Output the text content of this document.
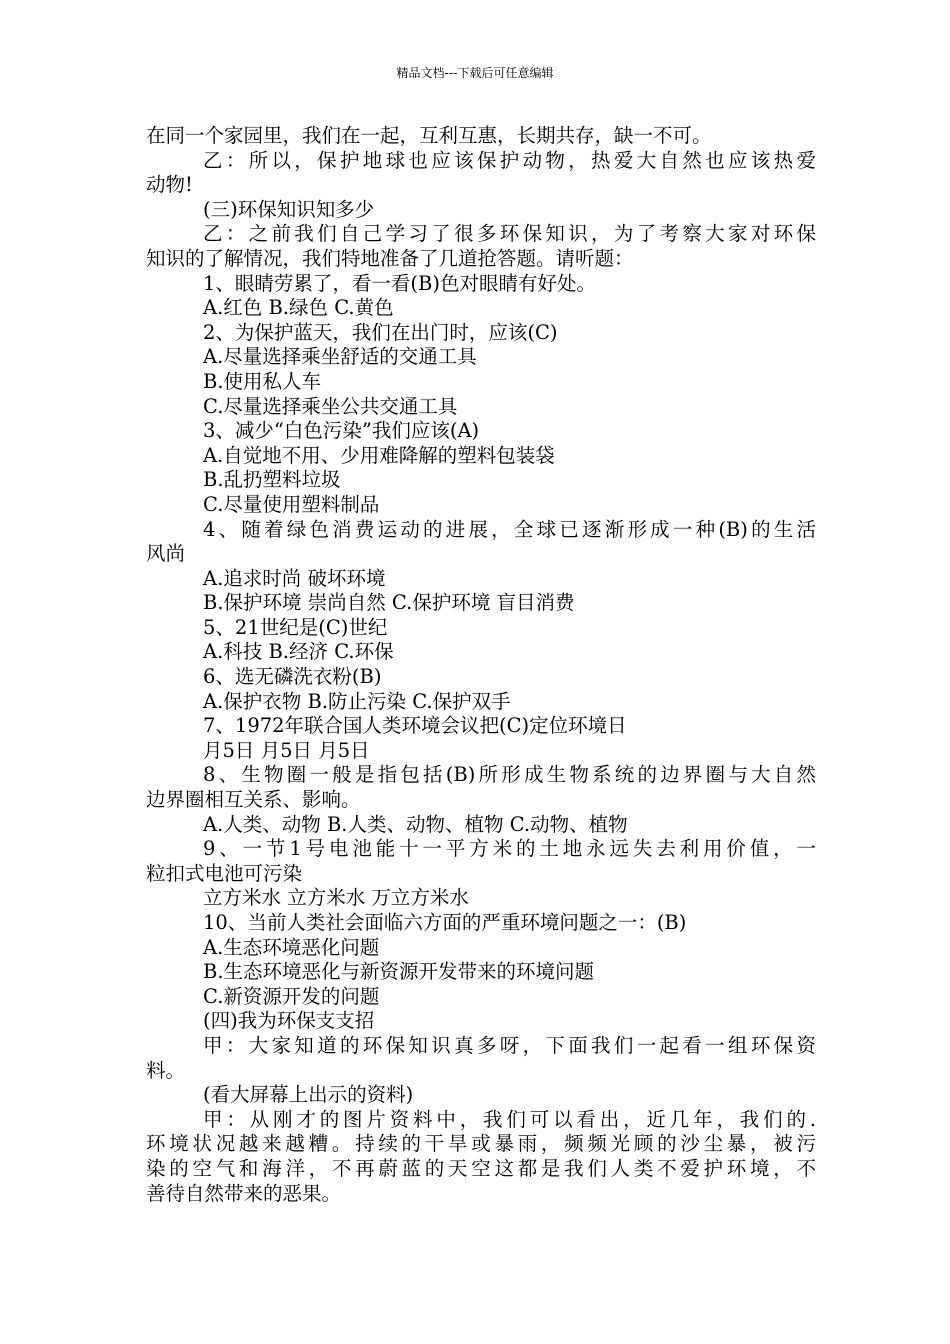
精品文档---下载后可任意编辑
在同一个家园里，我们在一起，互利互惠，长期共存，缺一不可。
乙：所以，保护地球也应该保护动物，热爱大自然也应该热爱
动物!
(三)环保知识知多少
乙：之前我们自己学习了很多环保知识，为了考察大家对环保
知识的了解情况，我们特地准备了几道抢答题。请听题：
1、眼睛劳累了，看一看(B)色对眼睛有好处。
A.红色 B.绿色 C.黄色
2、为保护蓝天，我们在出门时，应该(C)
A.尽量选择乘坐舒适的交通工具
B.使用私人车
C.尽量选择乘坐公共交通工具
3、减少“白色污染”我们应该(A)
A.自觉地不用、少用难降解的塑料包装袋
B.乱扔塑料垃圾
C.尽量使用塑料制品
4、随着绿色消费运动的进展，全球已逐渐形成一种(B)的生活
风尚
A.追求时尚 破坏环境
B.保护环境 崇尚自然 C.保护环境 盲目消费
5、21世纪是(C)世纪
A.科技 B.经济 C.环保
6、选无磷洗衣粉(B)
A.保护衣物 B.防止污染 C.保护双手
7、1972年联合国人类环境会议把(C)定位环境日
月5日 月5日 月5日
8、生物圈一般是指包括(B)所形成生物系统的边界圈与大自然
边界圈相互关系、影响。
A.人类、动物 B.人类、动物、植物 C.动物、植物
9、一节1号电池能十一平方米的土地永远失去利用价值，一
粒扣式电池可污染
立方米水 立方米水 万立方米水
10、当前人类社会面临六方面的严重环境问题之一：(B)
A.生态环境恶化问题
B.生态环境恶化与新资源开发带来的环境问题
C.新资源开发的问题
(四)我为环保支支招
甲：大家知道的环保知识真多呀，下面我们一起看一组环保资
料。
(看大屏幕上出示的资料)
甲：从刚才的图片资料中，我们可以看出，近几年，我们的.
环境状况越来越糟。持续的干旱或暴雨，频频光顾的沙尘暴，被污
染的空气和海洋，不再蔚蓝的天空这都是我们人类不爱护环境，不
善待自然带来的恶果。
